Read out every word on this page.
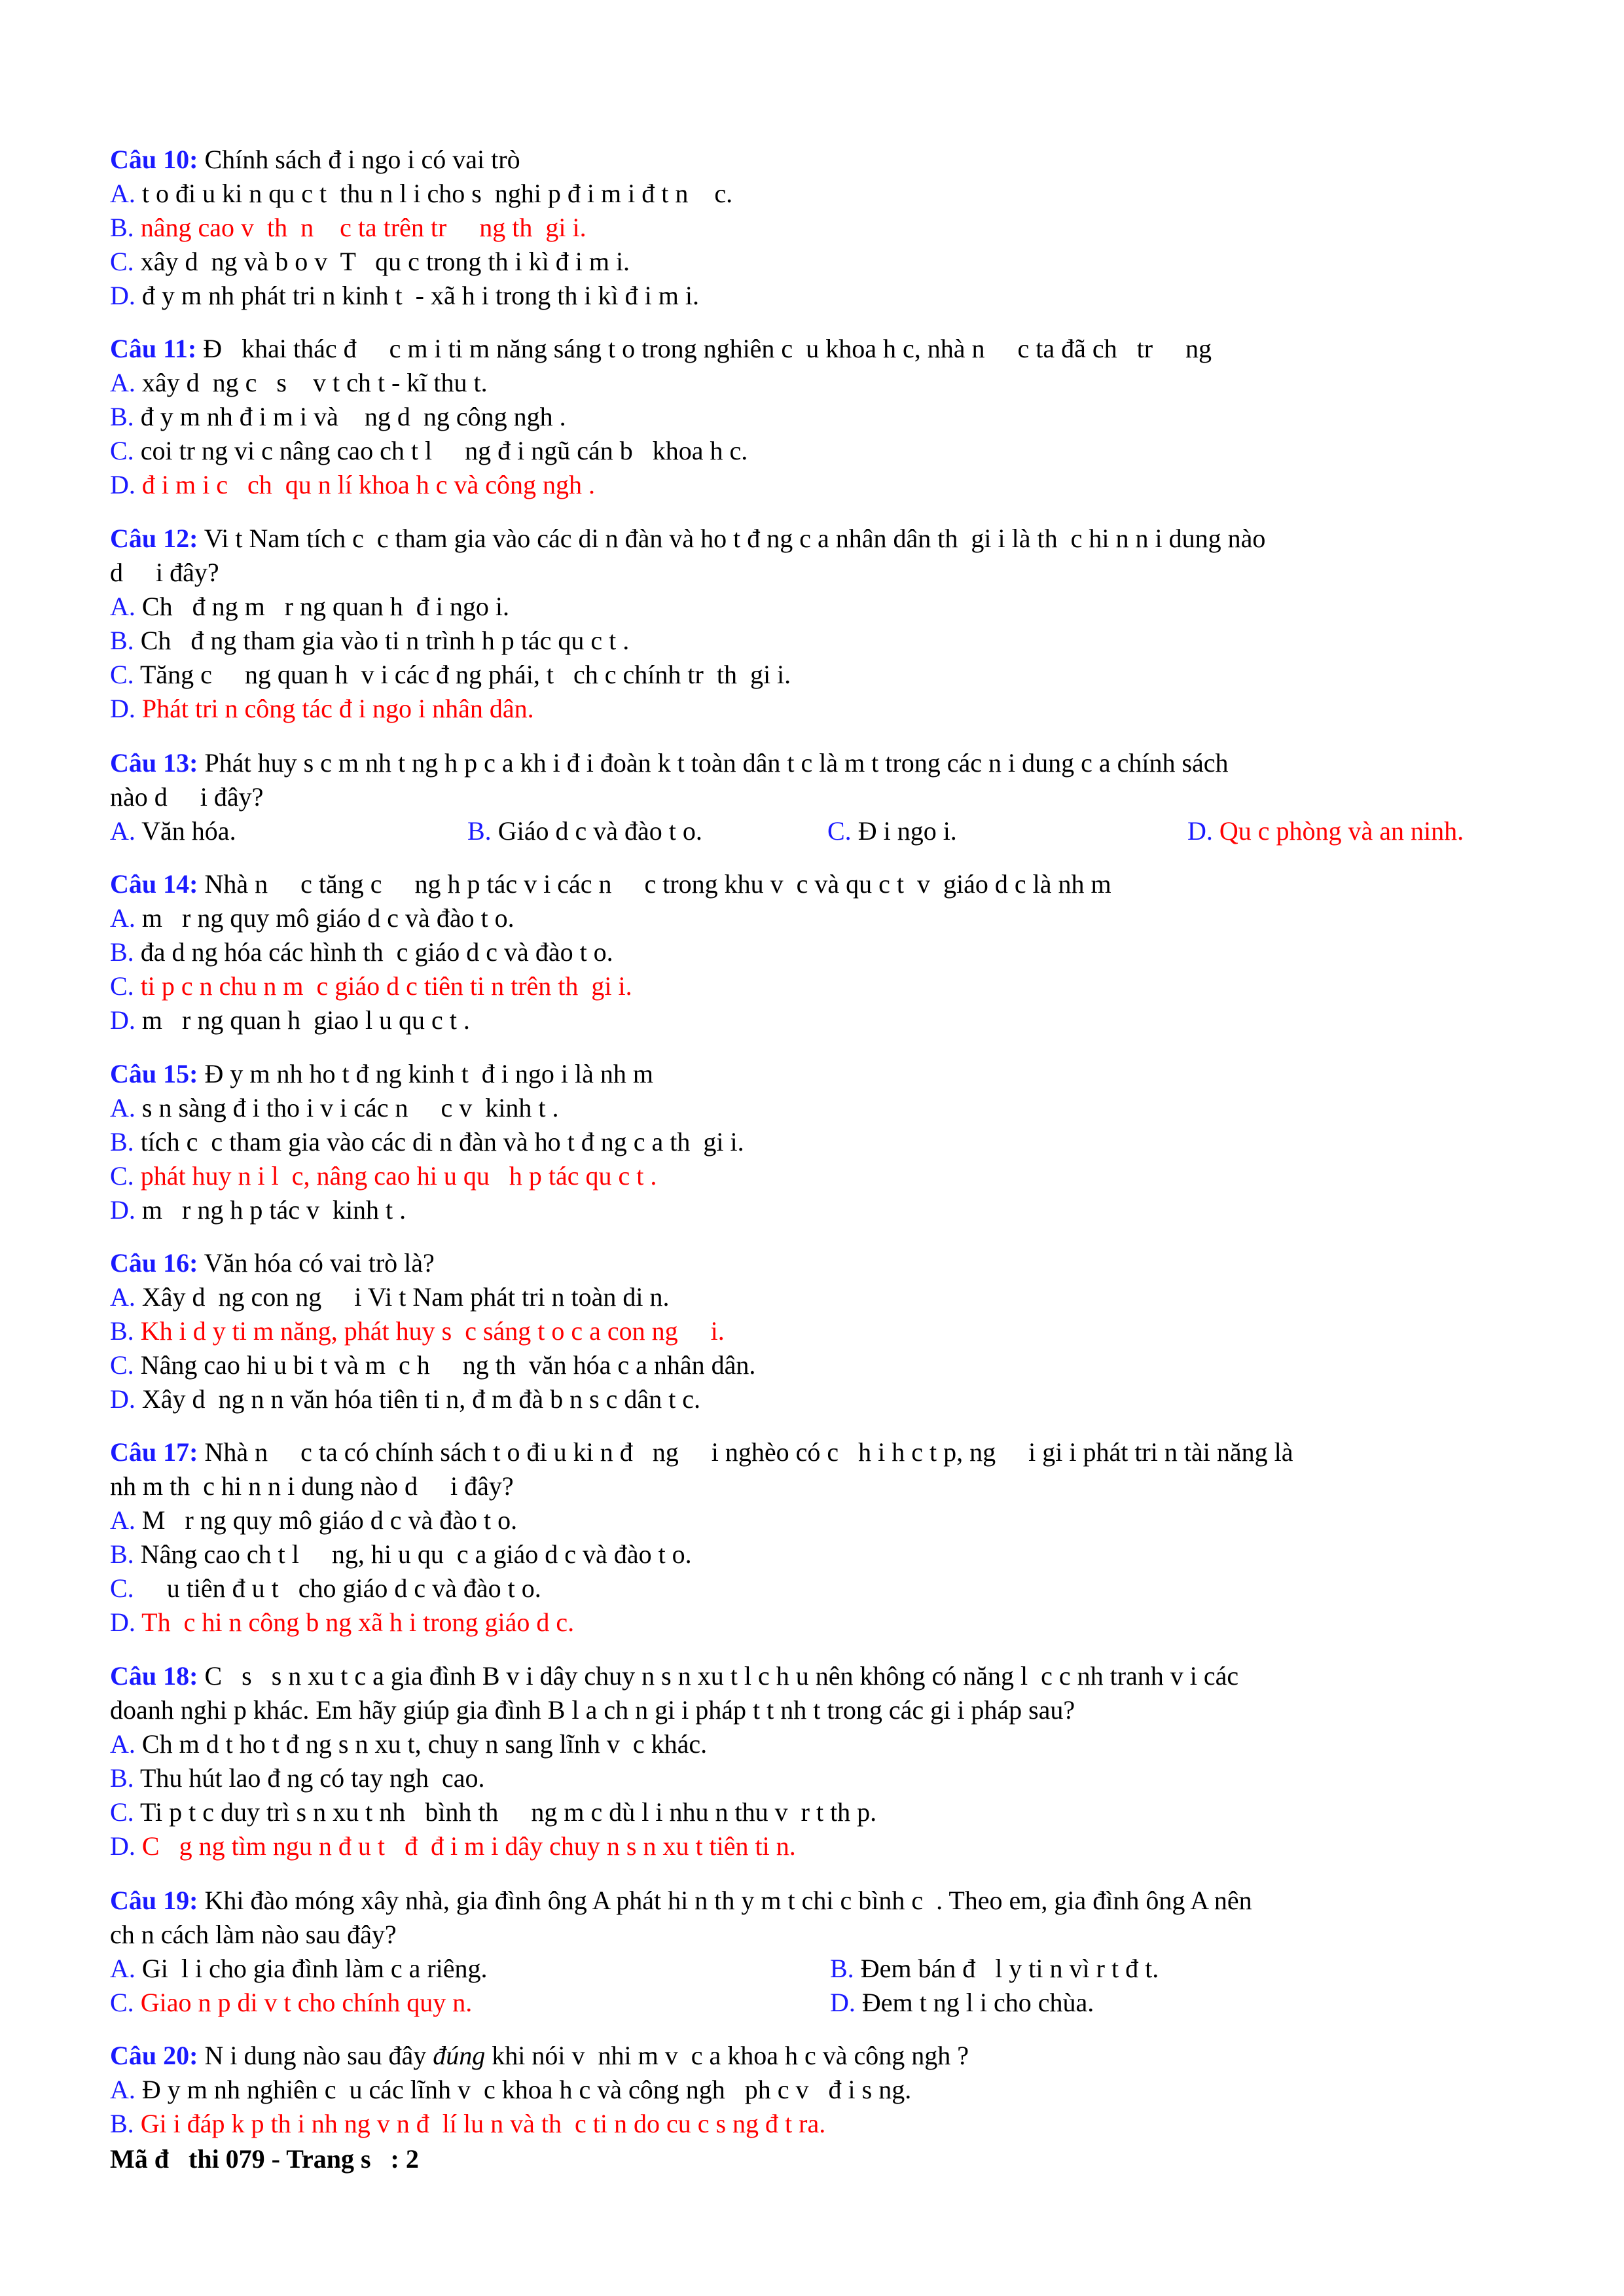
Câu 10: Chính sách đ i ngo i có vai trò
A. t o đi u ki n qu c t  thu n l i cho s  nghi p đ i m i đ t n    c.
B. nâng cao v  th  n    c ta trên tr     ng th  gi i.
C. xây d  ng và b o v  T   qu c trong th i kì đ i m i.
D. đ y m nh phát tri n kinh t  - xã h i trong th i kì đ i m i.
Câu 11: Đ   khai thác đ     c m i ti m năng sáng t o trong nghiên c  u khoa h c, nhà n     c ta đã ch   tr     ng
A. xây d  ng c   s    v t ch t - kĩ thu t.
B. đ y m nh đ i m i và    ng d  ng công ngh .
C. coi tr ng vi c nâng cao ch t l     ng đ i ngũ cán b   khoa h c.
D. đ i m i c   ch  qu n lí khoa h c và công ngh .
Câu 12: Vi t Nam tích c  c tham gia vào các di n đàn và ho t đ ng c a nhân dân th  gi i là th  c hi n n i dung nào
d     i đây?
A. Ch   đ ng m   r ng quan h  đ i ngo i.
B. Ch   đ ng tham gia vào ti n trình h p tác qu c t .
C. Tăng c     ng quan h  v i các đ ng phái, t   ch c chính tr  th  gi i.
D. Phát tri n công tác đ i ngo i nhân dân.
Câu 13: Phát huy s c m nh t ng h p c a kh i đ i đoàn k t toàn dân t c là m t trong các n i dung c a chính sách
nào d     i đây?

A. Văn hóa.

	B. Giáo d c và đào t o.

	C. Đ i ngo i.

	D. Qu c phòng và an ninh.

Câu 14: Nhà n     c tăng c     ng h p tác v i các n     c trong khu v  c và qu c t  v  giáo d c là nh m
A. m   r ng quy mô giáo d c và đào t o.
B. đa d ng hóa các hình th  c giáo d c và đào t o.
C. ti p c n chu n m  c giáo d c tiên ti n trên th  gi i.
D. m   r ng quan h  giao l u qu c t .
Câu 15: Đ y m nh ho t đ ng kinh t  đ i ngo i là nh m
A. s n sàng đ i tho i v i các n     c v  kinh t .
B. tích c  c tham gia vào các di n đàn và ho t đ ng c a th  gi i.
C. phát huy n i l  c, nâng cao hi u qu   h p tác qu c t .
D. m   r ng h p tác v  kinh t .
Câu 16: Văn hóa có vai trò là?
A. Xây d  ng con ng     i Vi t Nam phát tri n toàn di n.
B. Kh i d y ti m năng, phát huy s  c sáng t o c a con ng     i.
C. Nâng cao hi u bi t và m  c h     ng th  văn hóa c a nhân dân.
D. Xây d  ng n n văn hóa tiên ti n, đ m đà b n s c dân t c.
Câu 17: Nhà n     c ta có chính sách t o đi u ki n đ   ng     i nghèo có c   h i h c t p, ng     i gi i phát tri n tài năng là
nh m th  c hi n n i dung nào d     i đây?
A. M   r ng quy mô giáo d c và đào t o.
B. Nâng cao ch t l     ng, hi u qu  c a giáo d c và đào t o.
C.     u tiên đ u t   cho giáo d c và đào t o.
D. Th  c hi n công b ng xã h i trong giáo d c.
Câu 18: C   s   s n xu t c a gia đình B v i dây chuy n s n xu t l c h u nên không có năng l  c c nh tranh v i các
doanh nghi p khác. Em hãy giúp gia đình B l a ch n gi i pháp t t nh t trong các gi i pháp sau?
A. Ch m d t ho t đ ng s n xu t, chuy n sang lĩnh v  c khác.
B. Thu hút lao đ ng có tay ngh  cao.
C. Ti p t c duy trì s n xu t nh   bình th     ng m c dù l i nhu n thu v  r t th p.
D. C   g ng tìm ngu n đ u t   đ  đ i m i dây chuy n s n xu t tiên ti n.
Câu 19: Khi đào móng xây nhà, gia đình ông A phát hi n th y m t chi c bình c  . Theo em, gia đình ông A nên
ch n cách làm nào sau đây?

A. Gi  l i cho gia đình làm c a riêng.

	B. Đem bán đ   l y ti n vì r t đ t.

C. Giao n p di v t cho chính quy n.

	D. Đem t ng l i cho chùa.

Câu 20: N i dung nào sau đây đúng khi nói v  nhi m v  c a khoa h c và công ngh ?
A. Đ y m nh nghiên c  u các lĩnh v  c khoa h c và công ngh   ph c v   đ i s ng.
B. Gi i đáp k p th i nh ng v n đ  lí lu n và th  c ti n do cu c s ng đ t ra.
Mã đ   thi 079 - Trang s   : 2
